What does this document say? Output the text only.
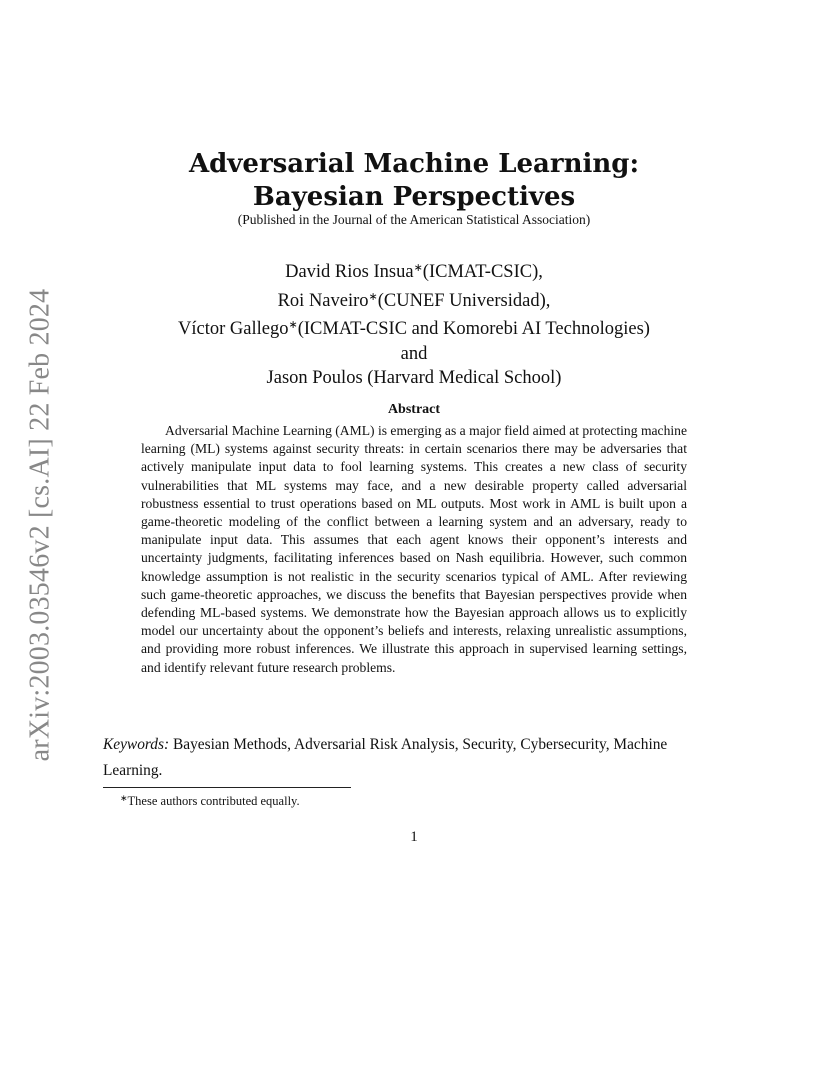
arXiv:2003.03546v2 [cs.AI] 22 Feb 2024
Adversarial Machine Learning:
Bayesian Perspectives
(Published in the Journal of the American Statistical Association)
David Rios Insua∗(ICMAT-CSIC),
Roi Naveiro∗(CUNEF Universidad),
Víctor Gallego∗(ICMAT-CSIC and Komorebi AI Technologies)
and
Jason Poulos (Harvard Medical School)
Abstract
Adversarial Machine Learning (AML) is emerging as a major field aimed at protecting machine learning (ML) systems against security threats: in certain scenarios there may be adversaries that actively manipulate input data to fool learning systems. This creates a new class of security vulnerabilities that ML systems may face, and a new desirable property called adversarial robustness essential to trust operations based on ML outputs. Most work in AML is built upon a game-theoretic modeling of the conflict between a learning system and an adversary, ready to manipulate input data. This assumes that each agent knows their opponent’s interests and uncertainty judgments, facilitating inferences based on Nash equilibria. However, such common knowledge assumption is not realistic in the security scenarios typical of AML. After reviewing such game-theoretic approaches, we discuss the benefits that Bayesian perspectives provide when defending ML-based systems. We demonstrate how the Bayesian approach allows us to explicitly model our uncertainty about the opponent’s beliefs and interests, relaxing unrealistic assumptions, and providing more robust inferences. We illustrate this approach in supervised learning settings, and identify relevant future research problems.
Keywords: Bayesian Methods, Adversarial Risk Analysis, Security, Cybersecurity, Machine Learning.
∗These authors contributed equally.
1
